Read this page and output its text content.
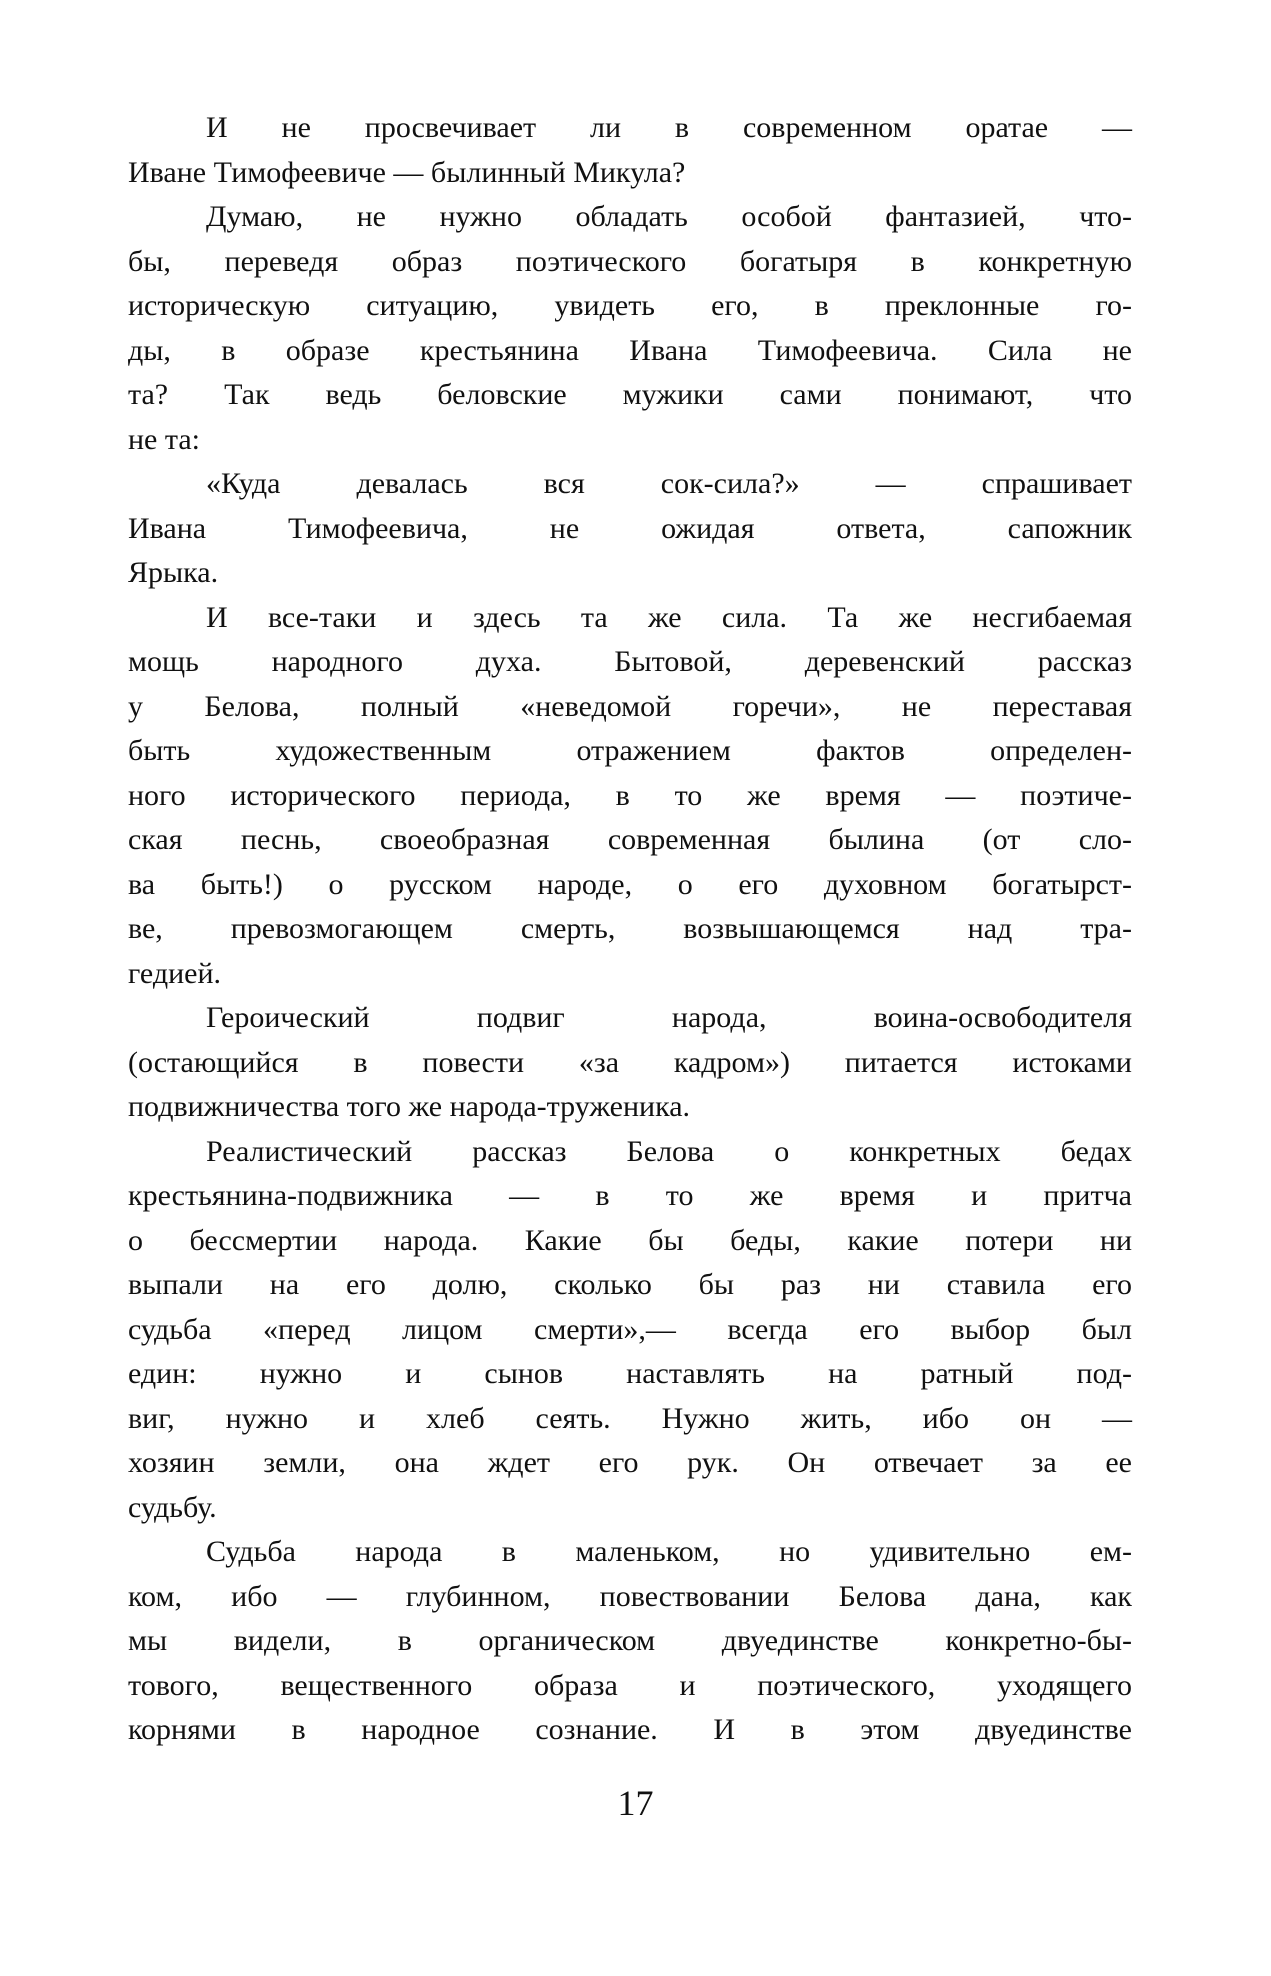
И не просвечивает ли в современном оратае —
Иване Тимофеевиче — былинный Микула?
Думаю, не нужно обладать особой фантазией, что-
бы, переведя образ поэтического богатыря в конкретную
историческую ситуацию, увидеть его, в преклонные го-
ды, в образе крестьянина Ивана Тимофеевича. Сила не
та? Так ведь беловские мужики сами понимают, что
не та:
«Куда девалась вся сок-сила?» — спрашивает
Ивана Тимофеевича, не ожидая ответа, сапожник
Ярыка.
И все-таки и здесь та же сила. Та же несгибаемая
мощь народного духа. Бытовой, деревенский рассказ
у Белова, полный «неведомой горечи», не переставая
быть художественным отражением фактов определен-
ного исторического периода, в то же время — поэтиче-
ская песнь, своеобразная современная былина (от сло-
ва быть!) о русском народе, о его духовном богатырст-
ве, превозмогающем смерть, возвышающемся над тра-
гедией.
Героический подвиг народа, воина-освободителя
(остающийся в повести «за кадром») питается истоками
подвижничества того же народа-труженика.
Реалистический рассказ Белова о конкретных бедах
крестьянина-подвижника — в то же время и притча
о бессмертии народа. Какие бы беды, какие потери ни
выпали на его долю, сколько бы раз ни ставила его
судьба «перед лицом смерти»,— всегда его выбор был
един: нужно и сынов наставлять на ратный под-
виг, нужно и хлеб сеять. Нужно жить, ибо он —
хозяин земли, она ждет его рук. Он отвечает за ее
судьбу.
Судьба народа в маленьком, но удивительно ем-
ком, ибо — глубинном, повествовании Белова дана, как
мы видели, в органическом двуединстве конкретно-бы-
тового, вещественного образа и поэтического, уходящего
корнями в народное сознание. И в этом двуединстве
17
